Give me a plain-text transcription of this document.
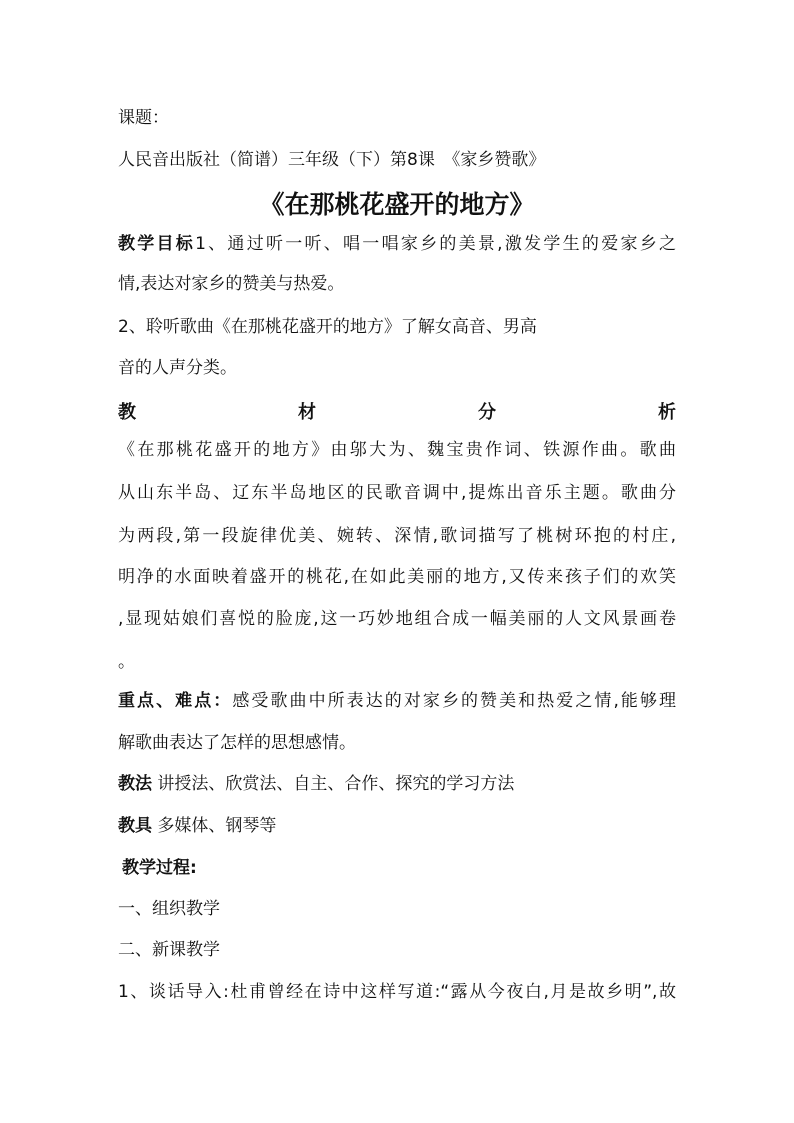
课题：
人民音出版社（简谱）三年级（下）第8课　《家乡赞歌》
《在那桃花盛开的地方》
教学目标1、通过听一听、唱一唱家乡的美景,激发学生的爱家乡之
情,表达对家乡的赞美与热爱。
2、聆听歌曲《在那桃花盛开的地方》了解女高音、男高
音的人声分类。
教	材	分	析
《在那桃花盛开的地方》由邬大为、魏宝贵作词、铁源作曲。歌曲
从山东半岛、辽东半岛地区的民歌音调中,提炼出音乐主题。歌曲分
为两段,第一段旋律优美、婉转、深情,歌词描写了桃树环抱的村庄,
明净的水面映着盛开的桃花,在如此美丽的地方,又传来孩子们的欢笑
,显现姑娘们喜悦的脸庞,这一巧妙地组合成一幅美丽的人文风景画卷
。
重点、难点：感受歌曲中所表达的对家乡的赞美和热爱之情,能够理
解歌曲表达了怎样的思想感情。
教法 讲授法、欣赏法、自主、合作、探究的学习方法
教具 多媒体、钢琴等
教学过程:
一、组织教学
二、新课教学
1、谈话导入:杜甫曾经在诗中这样写道:“露从今夜白,月是故乡明”,故
